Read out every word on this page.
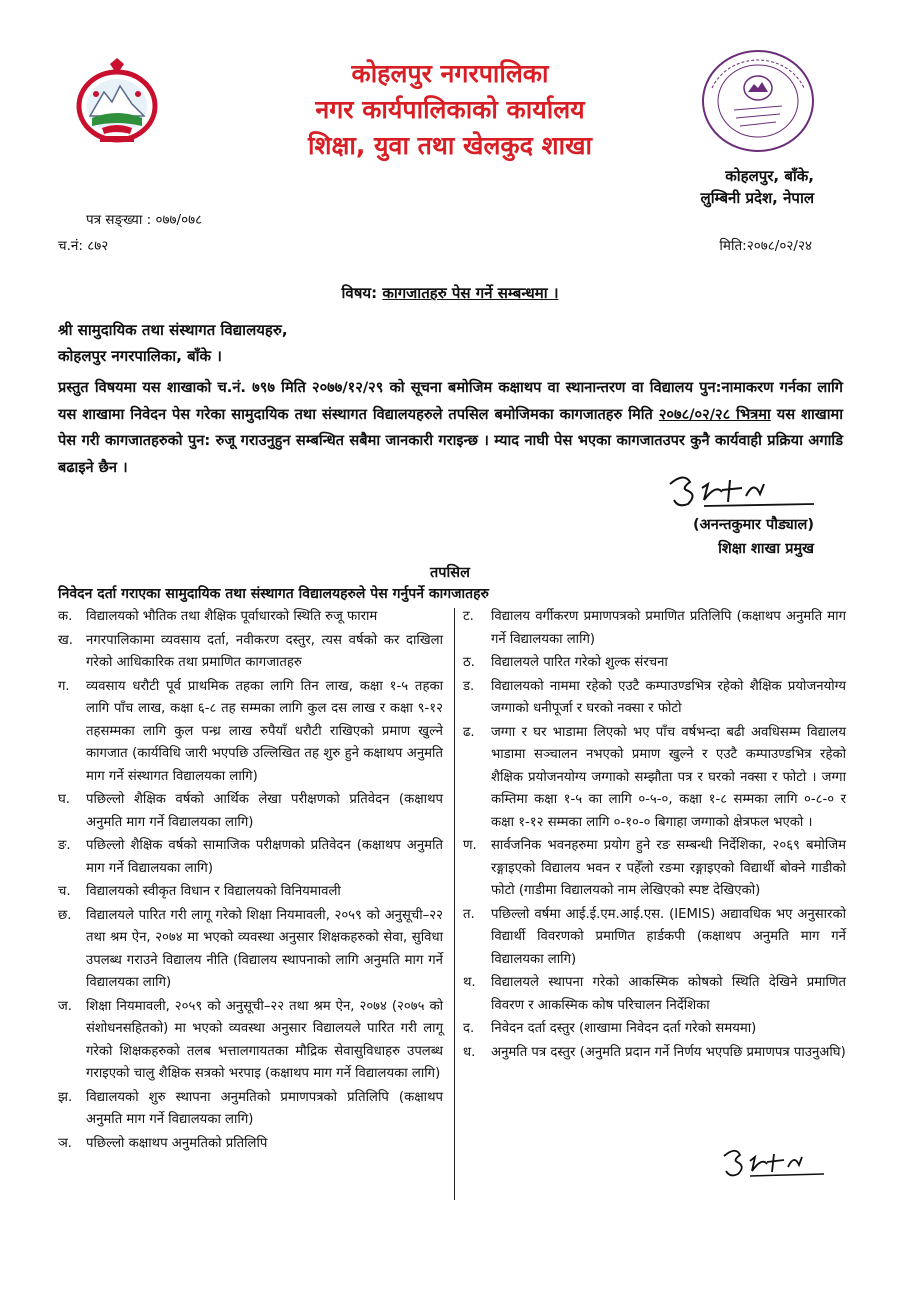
कोहलपुर नगरपालिका
नगर कार्यपालिकाको कार्यालय
शिक्षा, युवा तथा खेलकुद शाखा
कोहलपुर, बाँके,
लुम्बिनी प्रदेश, नेपाल
पत्र सङ्ख्या : ०७७/०७८
च.नं: ८७२	मिति:२०७८/०२/२४
विषय: कागजातहरु पेस गर्ने सम्बन्धमा ।
श्री सामुदायिक तथा संस्थागत विद्यालयहरु,
कोहलपुर नगरपालिका, बाँके ।
प्रस्तुत विषयमा यस शाखाको च.नं. ७९७ मिति २०७७/१२/२९ को सूचना बमोजिम कक्षाथप वा स्थानान्तरण वा विद्यालय पुन:नामाकरण गर्नका लागि यस शाखामा निवेदन पेस गरेका सामुदायिक तथा संस्थागत विद्यालयहरुले तपसिल बमोजिमका कागजातहरु मिति २०७८/०२/२८ भित्रमा यस शाखामा पेस गरी कागजातहरुको पुन: रुजू गराउनुहुन सम्बन्धित सबैमा जानकारी गराइन्छ । म्याद नाघी पेस भएका कागजातउपर कुनै कार्यवाही प्रक्रिया अगाडि बढाइने छैन ।
(अनन्तकुमार पौड्याल)
शिक्षा शाखा प्रमुख
तपसिल
निवेदन दर्ता गराएका सामुदायिक तथा संस्थागत विद्यालयहरुले पेस गर्नुपर्ने कागजातहरु
क.	विद्यालयको भौतिक तथा शैक्षिक पूर्वाधारको स्थिति रुजू फाराम
ख. नगरपालिकामा व्यवसाय दर्ता, नवीकरण दस्तुर, त्यस वर्षको कर दाखिला गरेको आधिकारिक तथा प्रमाणित कागजातहरु
ग.	व्यवसाय धरौटी पूर्व प्राथमिक तहका लागि तिन लाख, कक्षा १-५ तहका लागि पाँच लाख, कक्षा ६-८ तह सम्मका लागि कुल दस लाख र कक्षा ९-१२ तहसम्मका लागि कुल पन्ध्र लाख रुपैयाँ धरौटी राखिएको प्रमाण खुल्ने कागजात (कार्यविधि जारी भएपछि उल्लिखित तह शुरु हुने कक्षाथप अनुमति माग गर्ने संस्थागत विद्यालयका लागि)
घ.	पछिल्लो शैक्षिक वर्षको आर्थिक लेखा परीक्षणको प्रतिवेदन (कक्षाथप अनुमति माग गर्ने विद्यालयका लागि)
ङ.	पछिल्लो शैक्षिक वर्षको सामाजिक परीक्षणको प्रतिवेदन (कक्षाथप अनुमति माग गर्ने विद्यालयका लागि)
च.	विद्यालयको स्वीकृत विधान र विद्यालयको विनियमावली
छ.	विद्यालयले पारित गरी लागू गरेको शिक्षा नियमावली, २०५९ को अनुसूची–२२ तथा श्रम ऐन, २०७४ मा भएको व्यवस्था अनुसार शिक्षकहरुको सेवा, सुविधा उपलब्ध गराउने विद्यालय नीति (विद्यालय स्थापनाको लागि अनुमति माग गर्ने विद्यालयका लागि)
ज.	शिक्षा नियमावली, २०५९ को अनुसूची–२२ तथा श्रम ऐन, २०७४ (२०७५ को संशोधनसहितको) मा भएको व्यवस्था अनुसार विद्यालयले पारित गरी लागू गरेको शिक्षकहरुको तलब भत्तालगायतका मौद्रिक सेवासुविधाहरु उपलब्ध गराइएको चालु शैक्षिक सत्रको भरपाइ (कक्षाथप माग गर्ने विद्यालयका लागि)
झ.	विद्यालयको शुरु स्थापना अनुमतिको प्रमाणपत्रको प्रतिलिपि (कक्षाथप अनुमति माग गर्ने विद्यालयका लागि)
ञ.	पछिल्लो कक्षाथप अनुमतिको प्रतिलिपि
ट.	विद्यालय वर्गीकरण प्रमाणपत्रको प्रमाणित प्रतिलिपि (कक्षाथप अनुमति माग गर्ने विद्यालयका लागि)
ठ.	विद्यालयले पारित गरेको शुल्क संरचना
ड.	विद्यालयको नाममा रहेको एउटै कम्पाउण्डभित्र रहेको शैक्षिक प्रयोजनयोग्य जग्गाको धनीपूर्जा र घरको नक्सा र फोटो
ढ.	जग्गा र घर भाडामा लिएको भए पाँच वर्षभन्दा बढी अवधिसम्म विद्यालय भाडामा सञ्चालन नभएको प्रमाण खुल्ने र एउटै कम्पाउण्डभित्र रहेको शैक्षिक प्रयोजनयोग्य जग्गाको सम्झौता पत्र र घरको नक्सा र फोटो । जग्गा कम्तिमा कक्षा १-५ का लागि ०-५-०, कक्षा १-८ सम्मका लागि ०-८-० र कक्षा १-१२ सम्मका लागि ०-१०-० बिगाहा जग्गाको क्षेत्रफल भएको ।
ण.	सार्वजनिक भवनहरुमा प्रयोग हुने रङ सम्बन्धी निर्देशिका, २०६९ बमोजिम रङ्गाइएको विद्यालय भवन र पहेँलो रङमा रङ्गाइएको विद्यार्थी बोक्ने गाडीको फोटो (गाडीमा विद्यालयको नाम लेखिएको स्पष्ट देखिएको)
त.	पछिल्लो वर्षमा आई.ई.एम.आई.एस. (IEMIS) अद्यावधिक भए अनुसारको विद्यार्थी विवरणको प्रमाणित हार्डकपी (कक्षाथप अनुमति माग गर्ने विद्यालयका लागि)
थ.	विद्यालयले स्थापना गरेको आकस्मिक कोषको स्थिति देखिने प्रमाणित विवरण र आकस्मिक कोष परिचालन निर्देशिका
द.	निवेदन दर्ता दस्तुर (शाखामा निवेदन दर्ता गरेको समयमा)
ध.	अनुमति पत्र दस्तुर (अनुमति प्रदान गर्ने निर्णय भएपछि प्रमाणपत्र पाउनुअघि)
